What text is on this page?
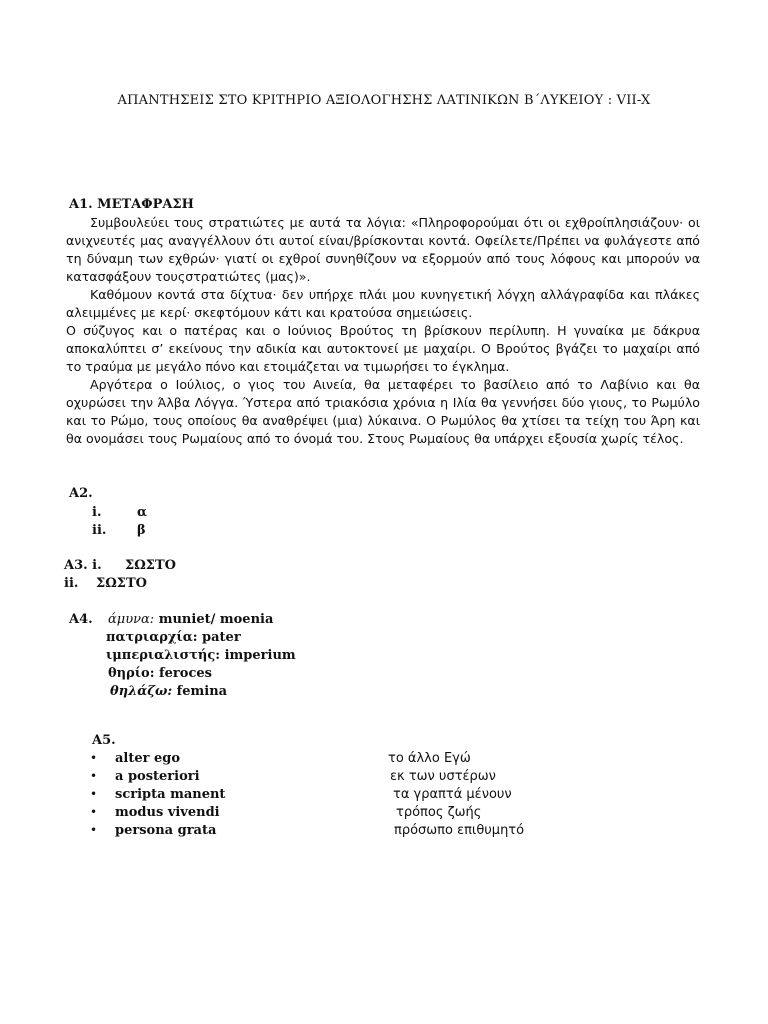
ΑΠΑΝΤΗΣΕΙΣ ΣΤΟ ΚΡΙΤΗΡΙΟ ΑΞΙΟΛΟΓΗΣΗΣ ΛΑΤΙΝΙΚΩΝ Β΄ΛΥΚΕΙΟΥ : VII-X
Α1. ΜΕΤΑΦΡΑΣΗ

Συμβουλεύει τους στρατιώτες με αυτά τα λόγια: «Πληροφορούμαι ότι οι εχθροίπλησιάζουν· οι ανιχνευτές μας αναγγέλλουν ότι αυτοί είναι/βρίσκονται κοντά. Οφείλετε/Πρέπει να φυλάγεστε από τη δύναμη των εχθρών· γιατί οι εχθροί συνηθίζουν να εξορμούν από τους λόφους και μπορούν να κατασφάξουν τουςστρατιώτες (μας)».

Καθόμουν κοντά στα δίχτυα· δεν υπήρχε πλάι μου κυνηγετική λόγχη αλλάγραφίδα και πλάκες αλειμμένες με κερί· σκεφτόμουν κάτι και κρατούσα σημειώσεις.

Ο σύζυγος και ο πατέρας και ο Ιούνιος Βρούτος τη βρίσκουν περίλυπη. Η γυναίκα με δάκρυα αποκαλύπτει σ’ εκείνους την αδικία και αυτοκτονεί με μαχαίρι. Ο Βρούτος βγάζει το μαχαίρι από το τραύμα με μεγάλο πόνο και ετοιμάζεται να τιμωρήσει το έγκλημα.

Αργότερα ο Ιούλιος, ο γιος του Αινεία, θα μεταφέρει το βασίλειο από το Λαβίνιο και θα οχυρώσει την Άλβα Λόγγα. Ύστερα από τριακόσια χρόνια η Ιλία θα γεννήσει δύο γιους, το Ρωμύλο και το Ρώμο, τους οποίους θα αναθρέψει (μια) λύκαινα. Ο Ρωμύλος θα χτίσει τα τείχη του Άρη και θα ονομάσει τους Ρωμαίους από το όνομά του. Στους Ρωμαίους θα υπάρχει εξουσία χωρίς τέλος.

Α2.
i.	α
ii. β
Α3. i. ΣΩΣΤΟ
ii. ΣΩΣΤΟ
Α4. άμυνα: muniet/ moenia
πατριαρχία: pater
ιμπεριαλιστής: imperium
θηρίο: feroces
θηλάζω: femina
Α5.
• alter ego	το άλλο Εγώ
• a posteriori	εκ των υστέρων
• scripta manent	τα γραπτά μένουν
• modus vivendi	τρόπος ζωής
• persona grata	πρόσωπο επιθυμητό
